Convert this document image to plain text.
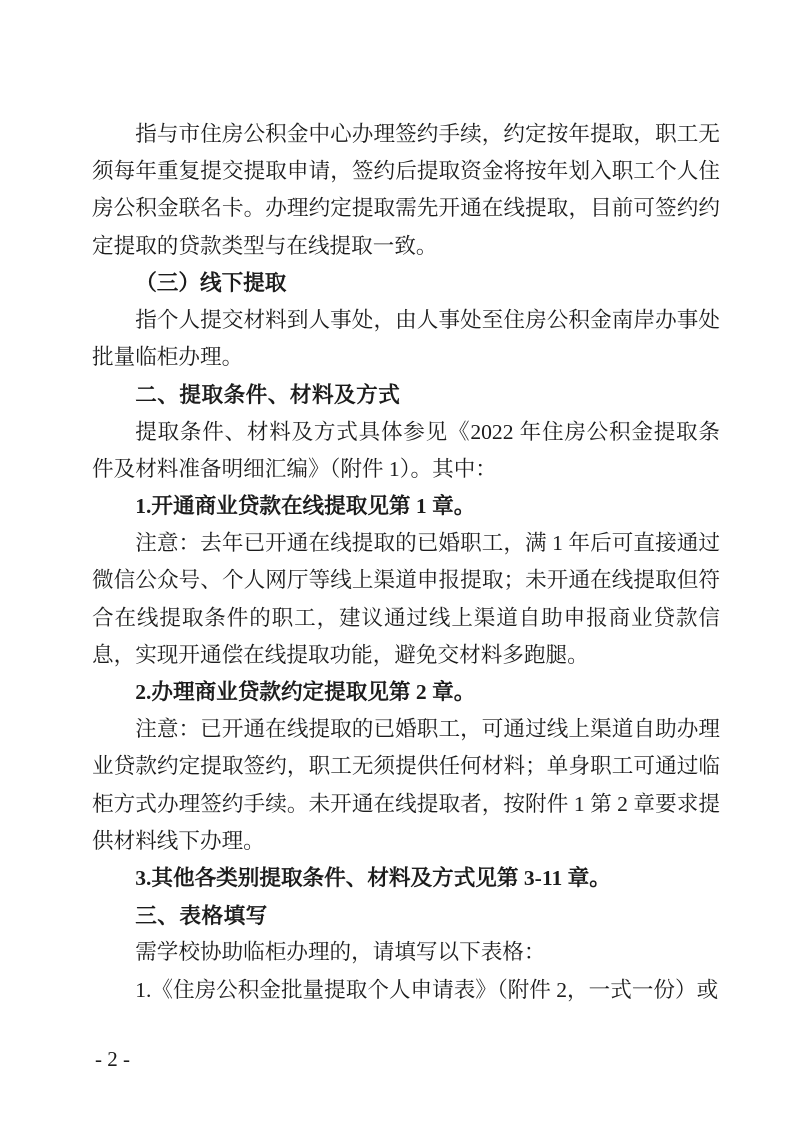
指与市住房公积金中心办理签约手续，约定按年提取，职工无须每年重复提交提取申请，签约后提取资金将按年划入职工个人住房公积金联名卡。办理约定提取需先开通在线提取，目前可签约约定提取的贷款类型与在线提取一致。

（三）线下提取

指个人提交材料到人事处，由人事处至住房公积金南岸办事处批量临柜办理。

二、提取条件、材料及方式

提取条件、材料及方式具体参见《2022 年住房公积金提取条件及材料准备明细汇编》（附件 1）。其中：

1.开通商业贷款在线提取见第 1 章。

注意：去年已开通在线提取的已婚职工，满 1 年后可直接通过微信公众号、个人网厅等线上渠道申报提取；未开通在线提取但符合在线提取条件的职工，建议通过线上渠道自助申报商业贷款信息，实现开通偿在线提取功能，避免交材料多跑腿。

2.办理商业贷款约定提取见第 2 章。

注意：已开通在线提取的已婚职工，可通过线上渠道自助办理业贷款约定提取签约，职工无须提供任何材料；单身职工可通过临柜方式办理签约手续。未开通在线提取者，按附件 1 第 2 章要求提供材料线下办理。

3.其他各类别提取条件、材料及方式见第 3-11 章。

三、表格填写

需学校协助临柜办理的，请填写以下表格：

1.《住房公积金批量提取个人申请表》（附件 2，一式一份）或

- 2 -
